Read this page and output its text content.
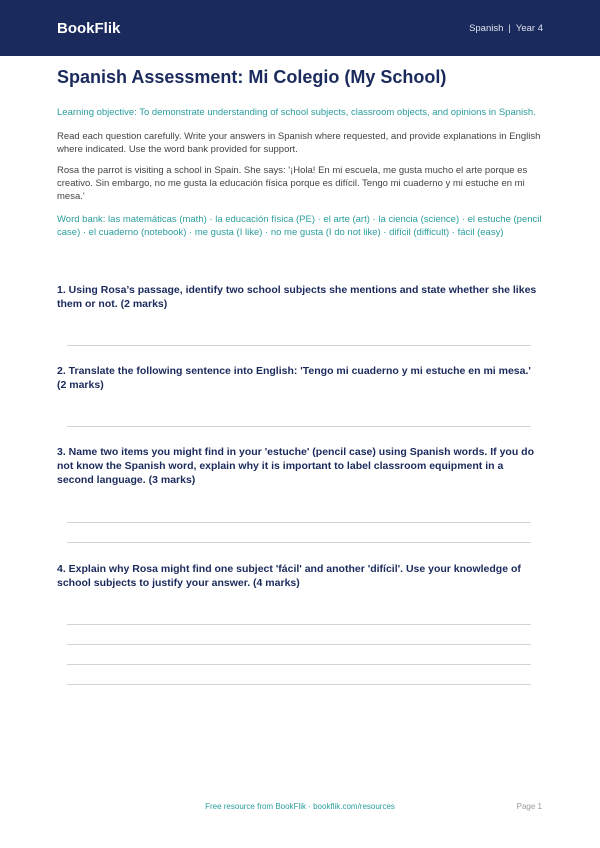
BookFlik	Spanish | Year 4
Spanish Assessment: Mi Colegio (My School)

Learning objective: To demonstrate understanding of school subjects, classroom objects, and opinions in Spanish.

Read each question carefully. Write your answers in Spanish where requested, and provide explanations in English where indicated. Use the word bank provided for support.

Rosa the parrot is visiting a school in Spain. She says: '¡Hola! En mi escuela, me gusta mucho el arte porque es creativo. Sin embargo, no me gusta la educación física porque es difícil. Tengo mi cuaderno y mi estuche en mi mesa.'

Word bank: las matemáticas (math) · la educación física (PE) · el arte (art) · la ciencia (science) · el estuche (pencil case) · el cuaderno (notebook) · me gusta (I like) · no me gusta (I do not like) · difícil (difficult) · fácil (easy)

1. Using Rosa’s passage, identify two school subjects she mentions and state whether she likes them or not. (2 marks)

2. Translate the following sentence into English: 'Tengo mi cuaderno y mi estuche en mi mesa.' (2 marks)

3. Name two items you might find in your 'estuche' (pencil case) using Spanish words. If you do not know the Spanish word, explain why it is important to label classroom equipment in a second language. (3 marks)

4. Explain why Rosa might find one subject 'fácil' and another 'difícil'. Use your knowledge of school subjects to justify your answer. (4 marks)

Free resource from BookFlik · bookflik.com/resources	Page 1
